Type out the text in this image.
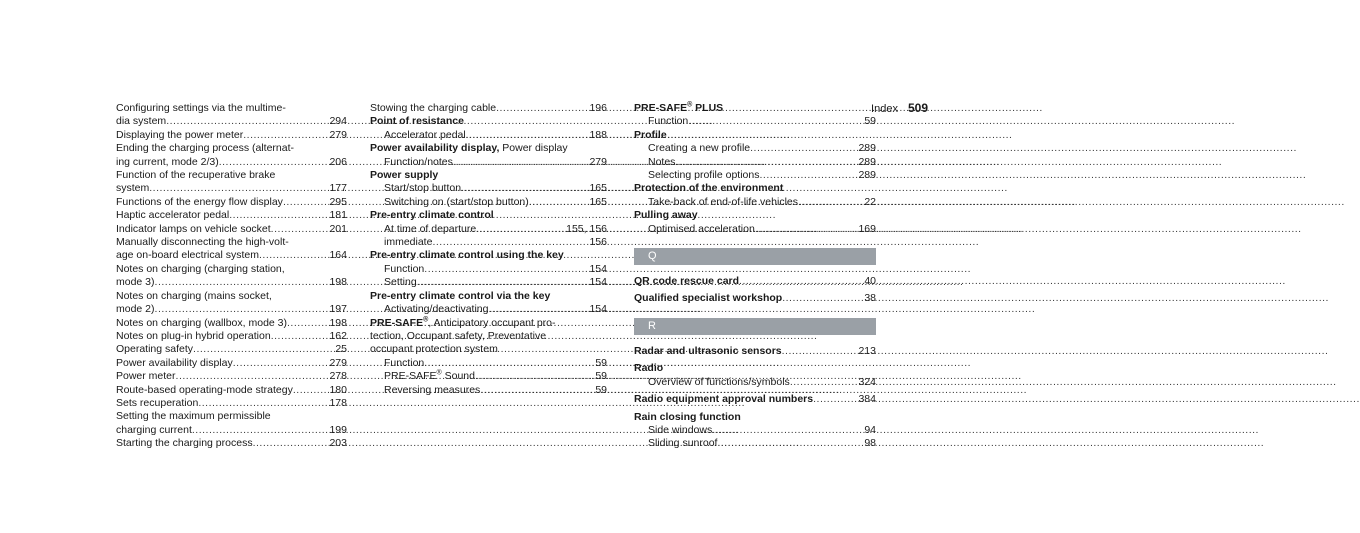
Index 509
Configuring settings via the multime-
dia system .....	294
Displaying the power meter .....	279
Ending the charging process (alternat-
ing current, mode 2/3) .....	206
Function of the recuperative brake
system .....	177
Functions of the energy flow display .....	295
Haptic accelerator pedal .....	181
Indicator lamps on vehicle socket .....	201
Manually disconnecting the high-volt-
age on-board electrical system .....	164
Notes on charging (charging station,
mode 3) .....	198
Notes on charging (mains socket,
mode 2) .....	197
Notes on charging (wallbox, mode 3) .....	198
Notes on plug-in hybrid operation .....	162
Operating safety .....	25
Power availability display .....	279
Power meter .....	278
Route-based operating-mode strategy .....	180
Sets recuperation .....	178
Setting the maximum permissible
charging current .....	199
Starting the charging process .....	203
Stowing the charging cable .....	196
Point of resistance
Accelerator pedal .....	188
Power availability display, Power display
Function/notes .....	279
Power supply
Start/stop button .....	165
Switching on (start/stop button) .....	165
Pre-entry climate control
At time of departure .....	155, 156
immediate .....	156
Pre-entry climate control using the key
Function .....	154
Setting .....	154
Pre-entry climate control via the key
Activating/deactivating .....	154
PRE-SAFE®, Anticipatory occupant pro-
tection, Occupant safety, Preventative
occupant protection system
Function .....	59
PRE-SAFE® Sound .....	59
Reversing measures .....	59
PRE-SAFE® PLUS
Function .....	59
Profile
Creating a new profile .....	289
Notes .....	289
Selecting profile options .....	289
Protection of the environment
Take-back of end-of-life vehicles .....	22
Pulling away
Optimised acceleration .....	169
Q
QR code rescue card .....	40
Qualified specialist workshop .....	38
R
Radar and ultrasonic sensors .....	213
Radio
Overview of functions/symbols .....	324
Radio equipment approval numbers .....	384
Rain closing function
Side windows .....	94
Sliding sunroof .....	98
